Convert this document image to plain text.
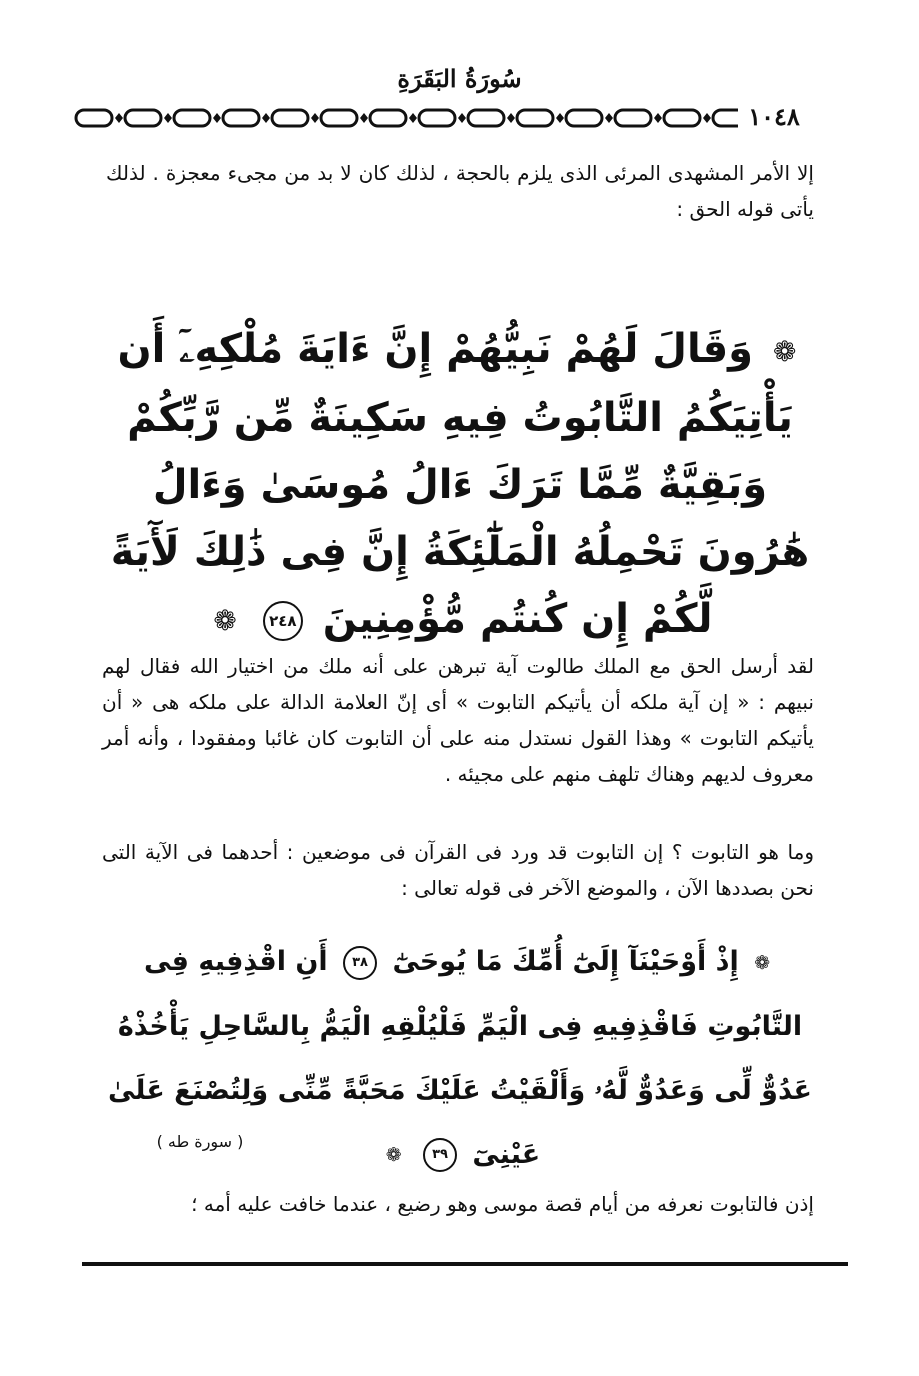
سُورَةُ البَقَرَةِ
١٠٤٨

إلا الأمر المشهدى المرئى الذى يلزم بالحجة ، لذلك كان لا بد من مجىء معجزة . لذلك يأتى قوله الحق :

❁ وَقَالَ لَهُمْ نَبِيُّهُمْ إِنَّ ءَايَةَ مُلْكِهِۦٓ أَن يَأْتِيَكُمُ التَّابُوتُ فِيهِ سَكِينَةٌ مِّن رَّبِّكُمْ وَبَقِيَّةٌ مِّمَّا تَرَكَ ءَالُ مُوسَىٰ وَءَالُ هَٰرُونَ تَحْمِلُهُ الْمَلَٰٓئِكَةُ إِنَّ فِى ذَٰلِكَ لَأٓيَةً لَّكُمْ إِن كُنتُم مُّؤْمِنِينَ ٢٤٨ ❁

لقد أرسل الحق مع الملك طالوت آية تبرهن على أنه ملك من اختيار الله فقال لهم نبيهم : « إن آية ملكه أن يأتيكم التابوت » أى إنّ العلامة الدالة على ملكه هى « أن يأتيكم التابوت » وهذا القول نستدل منه على أن التابوت كان غائبا ومفقودا ، وأنه أمر معروف لديهم وهناك تلهف منهم على مجيئه .

وما هو التابوت ؟ إن التابوت قد ورد فى القرآن فى موضعين : أحدهما فى الآية التى نحن بصددها الآن ، والموضع الآخر فى قوله تعالى :

❁ إِذْ أَوْحَيْنَآ إِلَىٰٓ أُمِّكَ مَا يُوحَىٰٓ ٣٨ أَنِ اقْذِفِيهِ فِى التَّابُوتِ فَاقْذِفِيهِ فِى الْيَمِّ فَلْيُلْقِهِ الْيَمُّ بِالسَّاحِلِ يَأْخُذْهُ عَدُوٌّ لِّى وَعَدُوٌّ لَّهُۥ وَأَلْقَيْتُ عَلَيْكَ مَحَبَّةً مِّنِّى وَلِتُصْنَعَ عَلَىٰ عَيْنِىٓ ٣٩ ❁

( سورة طه )

إذن فالتابوت نعرفه من أيام قصة موسى وهو رضيع ، عندما خافت عليه أمه ؛
